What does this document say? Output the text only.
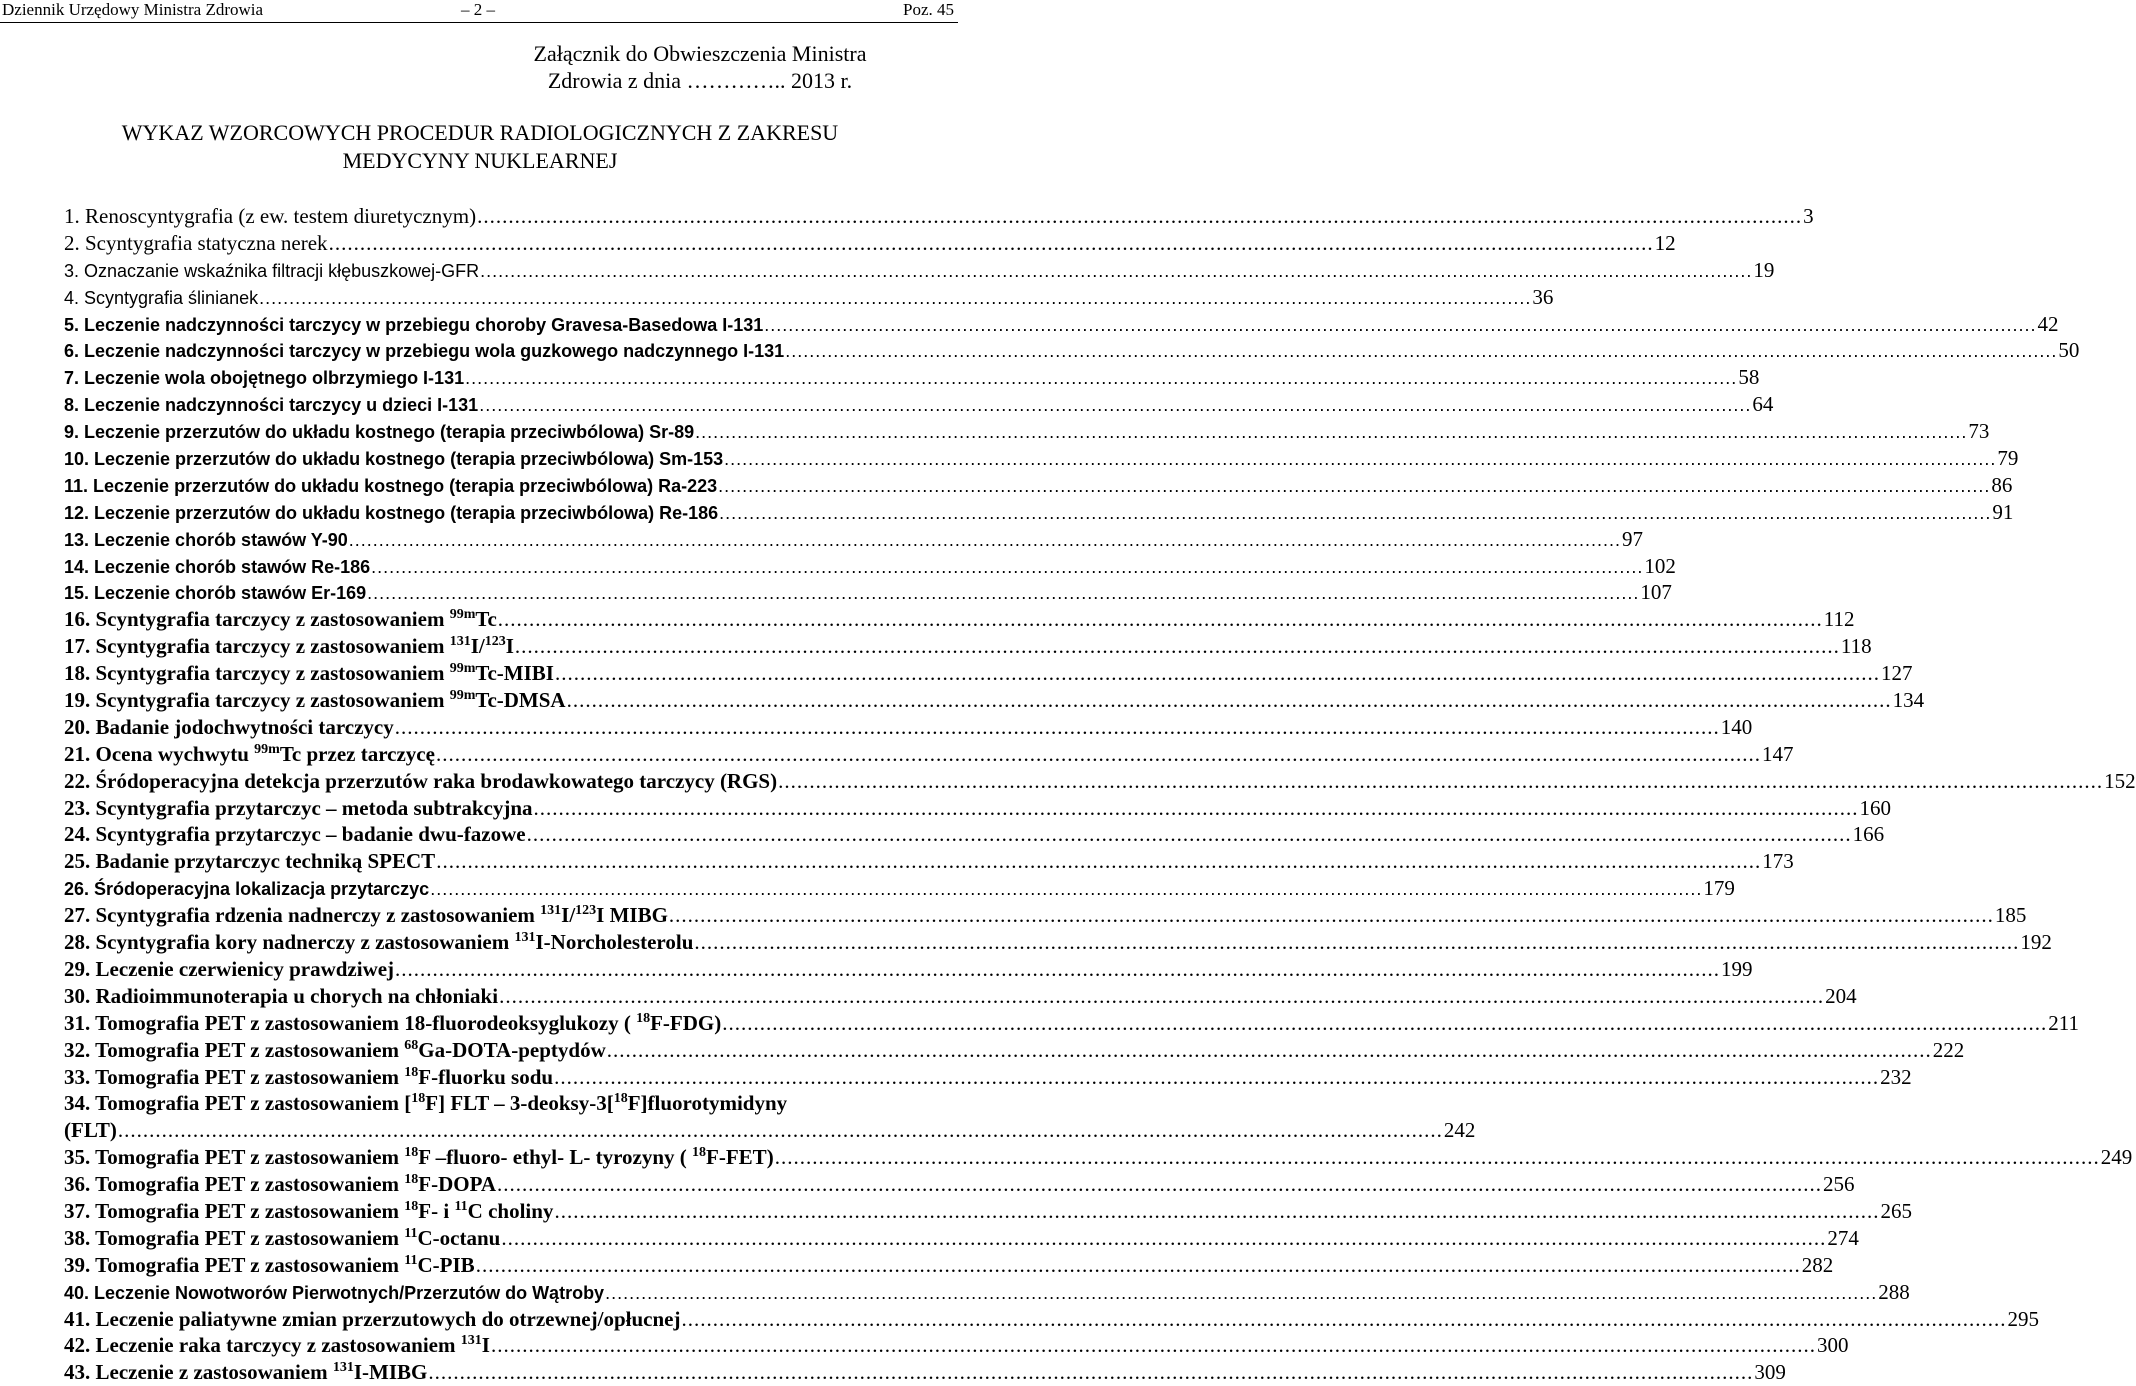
Dziennik Urzędowy Ministra Zdrowia	– 2 –	Poz. 45
Załącznik do Obwieszczenia Ministra
Zdrowia z dnia ………….. 2013 r.
WYKAZ WZORCOWYCH PROCEDUR RADIOLOGICZNYCH Z ZAKRESU
MEDYCYNY NUKLEARNEJ
1. Renoscyntygrafia (z ew. testem diuretycznym) .....	3
2. Scyntygrafia statyczna nerek .....	12
3. Oznaczanie wskaźnika filtracji kłębuszkowej-GFR .....	19
4. Scyntygrafia ślinianek .....	36
5. Leczenie nadczynności tarczycy w przebiegu choroby Gravesa-Basedowa I-131 .....	42
6. Leczenie nadczynności tarczycy w przebiegu wola guzkowego nadczynnego I-131 .....	50
7. Leczenie wola obojętnego olbrzymiego I-131 .....	58
8. Leczenie nadczynności tarczycy u dzieci I-131 .....	64
9. Leczenie przerzutów do układu kostnego (terapia przeciwbólowa) Sr-89 .....	73
10. Leczenie przerzutów do układu kostnego (terapia przeciwbólowa) Sm-153 .....	79
11. Leczenie przerzutów do układu kostnego (terapia przeciwbólowa) Ra-223 .....	86
12. Leczenie przerzutów do układu kostnego (terapia przeciwbólowa) Re-186 .....	91
13. Leczenie chorób stawów Y-90 .....	97
14. Leczenie chorób stawów Re-186 .....	102
15. Leczenie chorób stawów Er-169 .....	107
16. Scyntygrafia tarczycy z zastosowaniem $^{99m}$Tc .....	112
17. Scyntygrafia tarczycy z zastosowaniem $^{131}$I/$^{123}$I .....	118
18. Scyntygrafia tarczycy z zastosowaniem $^{99m}$Tc-MIBI .....	127
19. Scyntygrafia tarczycy z zastosowaniem $^{99m}$Tc-DMSA .....	134
20. Badanie jodochwytności tarczycy .....	140
21. Ocena wychwytu $^{99m}$Tc przez tarczycę .....	147
22. Śródoperacyjna detekcja przerzutów raka brodawkowatego tarczycy (RGS) .....	152
23. Scyntygrafia przytarczyc – metoda subtrakcyjna .....	160
24. Scyntygrafia przytarczyc – badanie dwu-fazowe .....	166
25. Badanie przytarczyc techniką SPECT .....	173
26. Śródoperacyjna lokalizacja przytarczyc .....	179
27. Scyntygrafia rdzenia nadnerczy z zastosowaniem $^{131}$I/$^{123}$I MIBG .....	185
28. Scyntygrafia kory nadnerczy z zastosowaniem $^{131}$I-Norcholesterolu .....	192
29. Leczenie czerwienicy prawdziwej .....	199
30. Radioimmunoterapia u chorych na chłoniaki .....	204
31. Tomografia PET z zastosowaniem 18-fluorodeoksyglukozy ( $^{18}$F-FDG) .....	211
32. Tomografia PET z zastosowaniem $^{68}$Ga-DOTA-peptydów .....	222
33. Tomografia PET z zastosowaniem $^{18}$F-fluorku sodu .....	232
34. Tomografia PET z zastosowaniem [$^{18}$F] FLT – 3-deoksy-3[$^{18}$F]fluorotymidyny
(FLT) .....	242
35. Tomografia PET z zastosowaniem $^{18}$F –fluoro- ethyl- L- tyrozyny ( $^{18}$F-FET) .....	249
36. Tomografia PET z zastosowaniem $^{18}$F-DOPA .....	256
37. Tomografia PET z zastosowaniem $^{18}$F- i $^{11}$C choliny .....	265
38. Tomografia PET z zastosowaniem $^{11}$C-octanu .....	274
39. Tomografia PET z zastosowaniem $^{11}$C-PIB .....	282
40. Leczenie Nowotworów Pierwotnych/Przerzutów do Wątroby .....	288
41. Leczenie paliatywne zmian przerzutowych do otrzewnej/opłucnej .....	295
42. Leczenie raka tarczycy z zastosowaniem $^{131}$I .....	300
43. Leczenie z zastosowaniem $^{131}$I-MIBG .....	309
